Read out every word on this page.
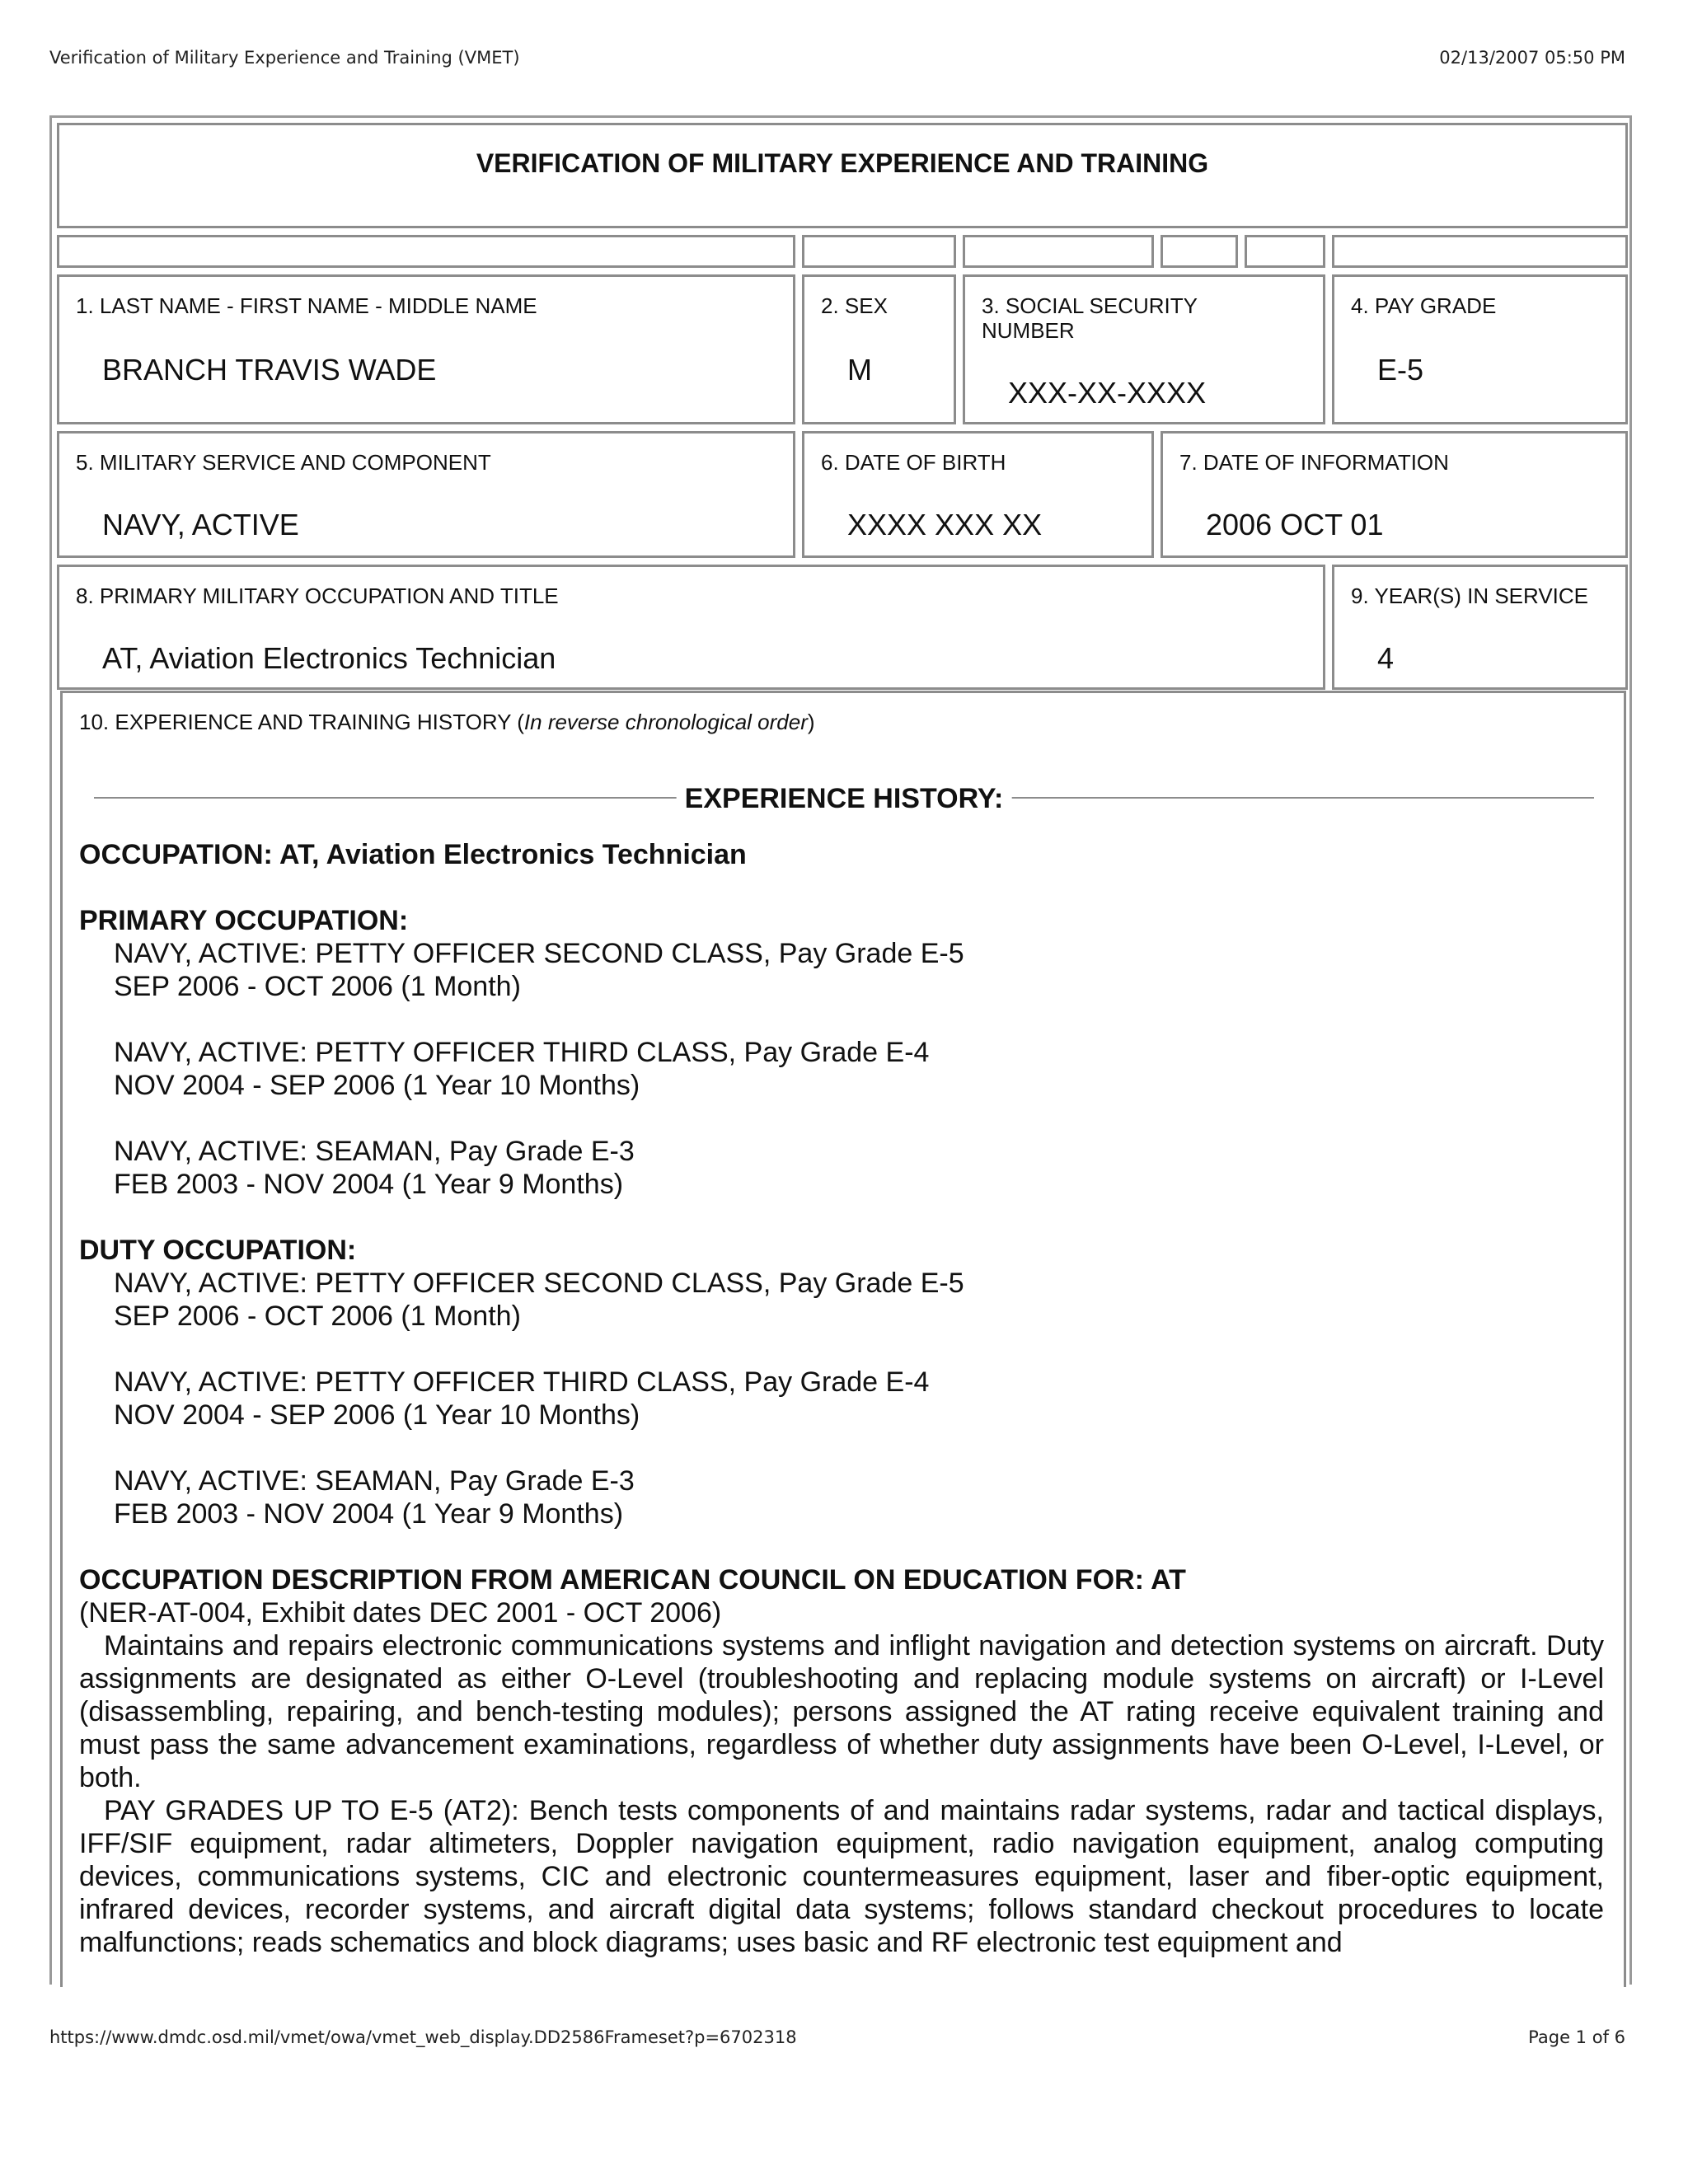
Verification of Military Experience and Training (VMET)	02/13/2007 05:50 PM
VERIFICATION OF MILITARY EXPERIENCE AND TRAINING
1. LAST NAME - FIRST NAME - MIDDLE NAME
BRANCH TRAVIS WADE
2. SEX
M
3. SOCIAL SECURITY NUMBER
XXX-XX-XXXX
4. PAY GRADE
E-5
5. MILITARY SERVICE AND COMPONENT
NAVY, ACTIVE
6. DATE OF BIRTH
XXXX XXX XX
7. DATE OF INFORMATION
2006 OCT 01
8. PRIMARY MILITARY OCCUPATION AND TITLE
AT, Aviation Electronics Technician
9. YEAR(S) IN SERVICE
4
10. EXPERIENCE AND TRAINING HISTORY (In reverse chronological order)
EXPERIENCE HISTORY:
OCCUPATION: AT, Aviation Electronics Technician
PRIMARY OCCUPATION:
NAVY, ACTIVE: PETTY OFFICER SECOND CLASS, Pay Grade E-5
SEP 2006 - OCT 2006 (1 Month)
NAVY, ACTIVE: PETTY OFFICER THIRD CLASS, Pay Grade E-4
NOV 2004 - SEP 2006 (1 Year 10 Months)
NAVY, ACTIVE: SEAMAN, Pay Grade E-3
FEB 2003 - NOV 2004 (1 Year 9 Months)
DUTY OCCUPATION:
NAVY, ACTIVE: PETTY OFFICER SECOND CLASS, Pay Grade E-5
SEP 2006 - OCT 2006 (1 Month)
NAVY, ACTIVE: PETTY OFFICER THIRD CLASS, Pay Grade E-4
NOV 2004 - SEP 2006 (1 Year 10 Months)
NAVY, ACTIVE: SEAMAN, Pay Grade E-3
FEB 2003 - NOV 2004 (1 Year 9 Months)
OCCUPATION DESCRIPTION FROM AMERICAN COUNCIL ON EDUCATION FOR: AT
(NER-AT-004, Exhibit dates DEC 2001 - OCT 2006)
Maintains and repairs electronic communications systems and inflight navigation and detection systems on aircraft. Duty assignments are designated as either O-Level (troubleshooting and replacing module systems on aircraft) or I-Level (disassembling, repairing, and bench-testing modules); persons assigned the AT rating receive equivalent training and must pass the same advancement examinations, regardless of whether duty assignments have been O-Level, I-Level, or both.
PAY GRADES UP TO E-5 (AT2): Bench tests components of and maintains radar systems, radar and tactical displays, IFF/SIF equipment, radar altimeters, Doppler navigation equipment, radio navigation equipment, analog computing devices, communications systems, CIC and electronic countermeasures equipment, laser and fiber-optic equipment, infrared devices, recorder systems, and aircraft digital data systems; follows standard checkout procedures to locate malfunctions; reads schematics and block diagrams; uses basic and RF electronic test equipment and
https://www.dmdc.osd.mil/vmet/owa/vmet_web_display.DD2586Frameset?p=6702318	Page 1 of 6
